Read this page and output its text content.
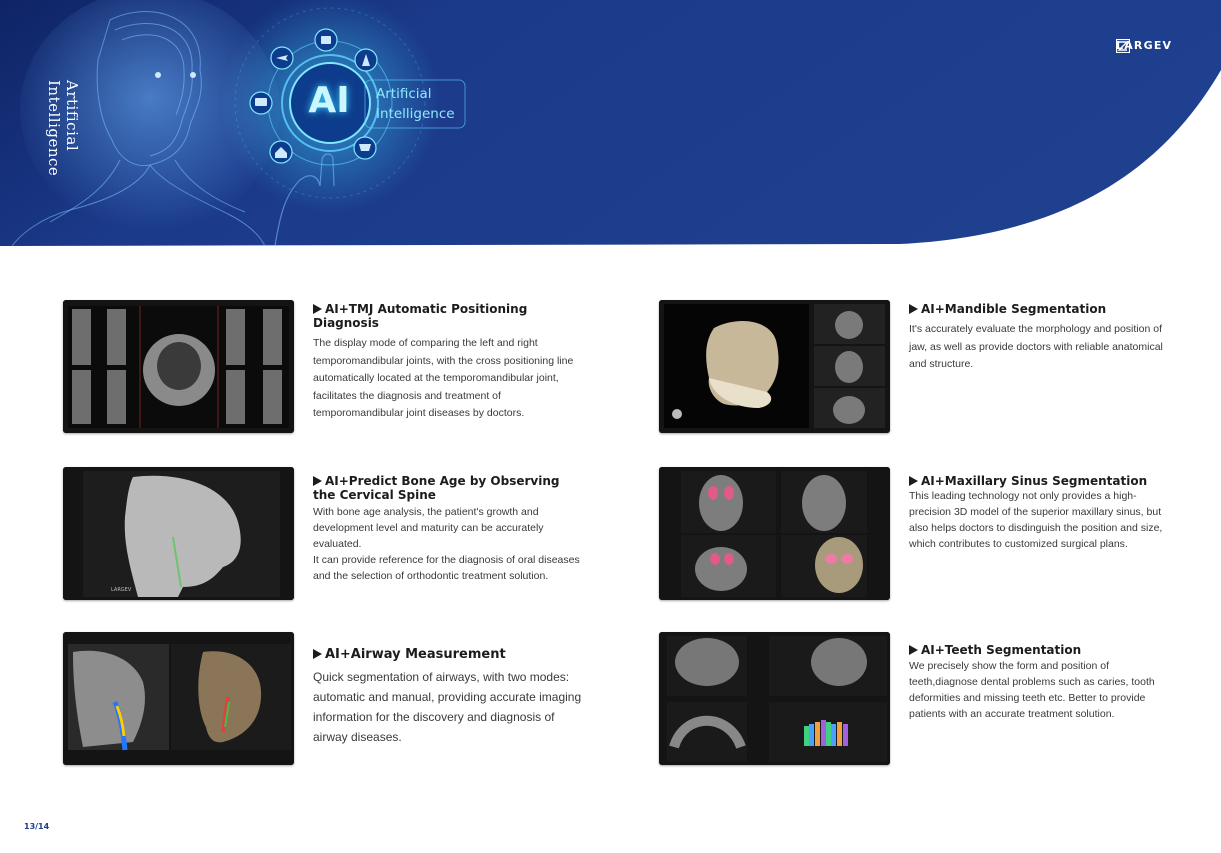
Artificial Intelligence	AI	Artificial
Intelligence
LARGEV
AI+TMJ Automatic Positioning Diagnosis

The display mode of comparing the left and right temporomandibular joints, with the cross positioning line automatically located at the temporomandibular joint, facilitates the diagnosis and treatment of temporomandibular joint diseases by doctors.

AI+Mandible Segmentation

It's accurately evaluate the morphology and position of jaw, as well as provide doctors with reliable anatomical and structure.

LARGEV
AI+Predict Bone Age by Observing the Cervical Spine

With bone age analysis, the patient's growth and development level and maturity can be accurately evaluated.

It can provide reference for the diagnosis of oral diseases and the selection of orthodontic treatment solution.

AI+Maxillary Sinus Segmentation

This leading technology not only provides a high-precision 3D model of the superior maxillary sinus, but also helps doctors to disdinguish the position and size, which contributes to customized surgical plans.

AI+Airway Measurement

Quick segmentation of airways, with two modes: automatic and manual, providing accurate imaging information for the discovery and diagnosis of airway diseases.

AI+Teeth Segmentation

We precisely show the form and position of teeth,diagnose dental problems such as caries, tooth deformities and missing teeth etc. Better to provide patients with an accurate treatment solution.

13/14
